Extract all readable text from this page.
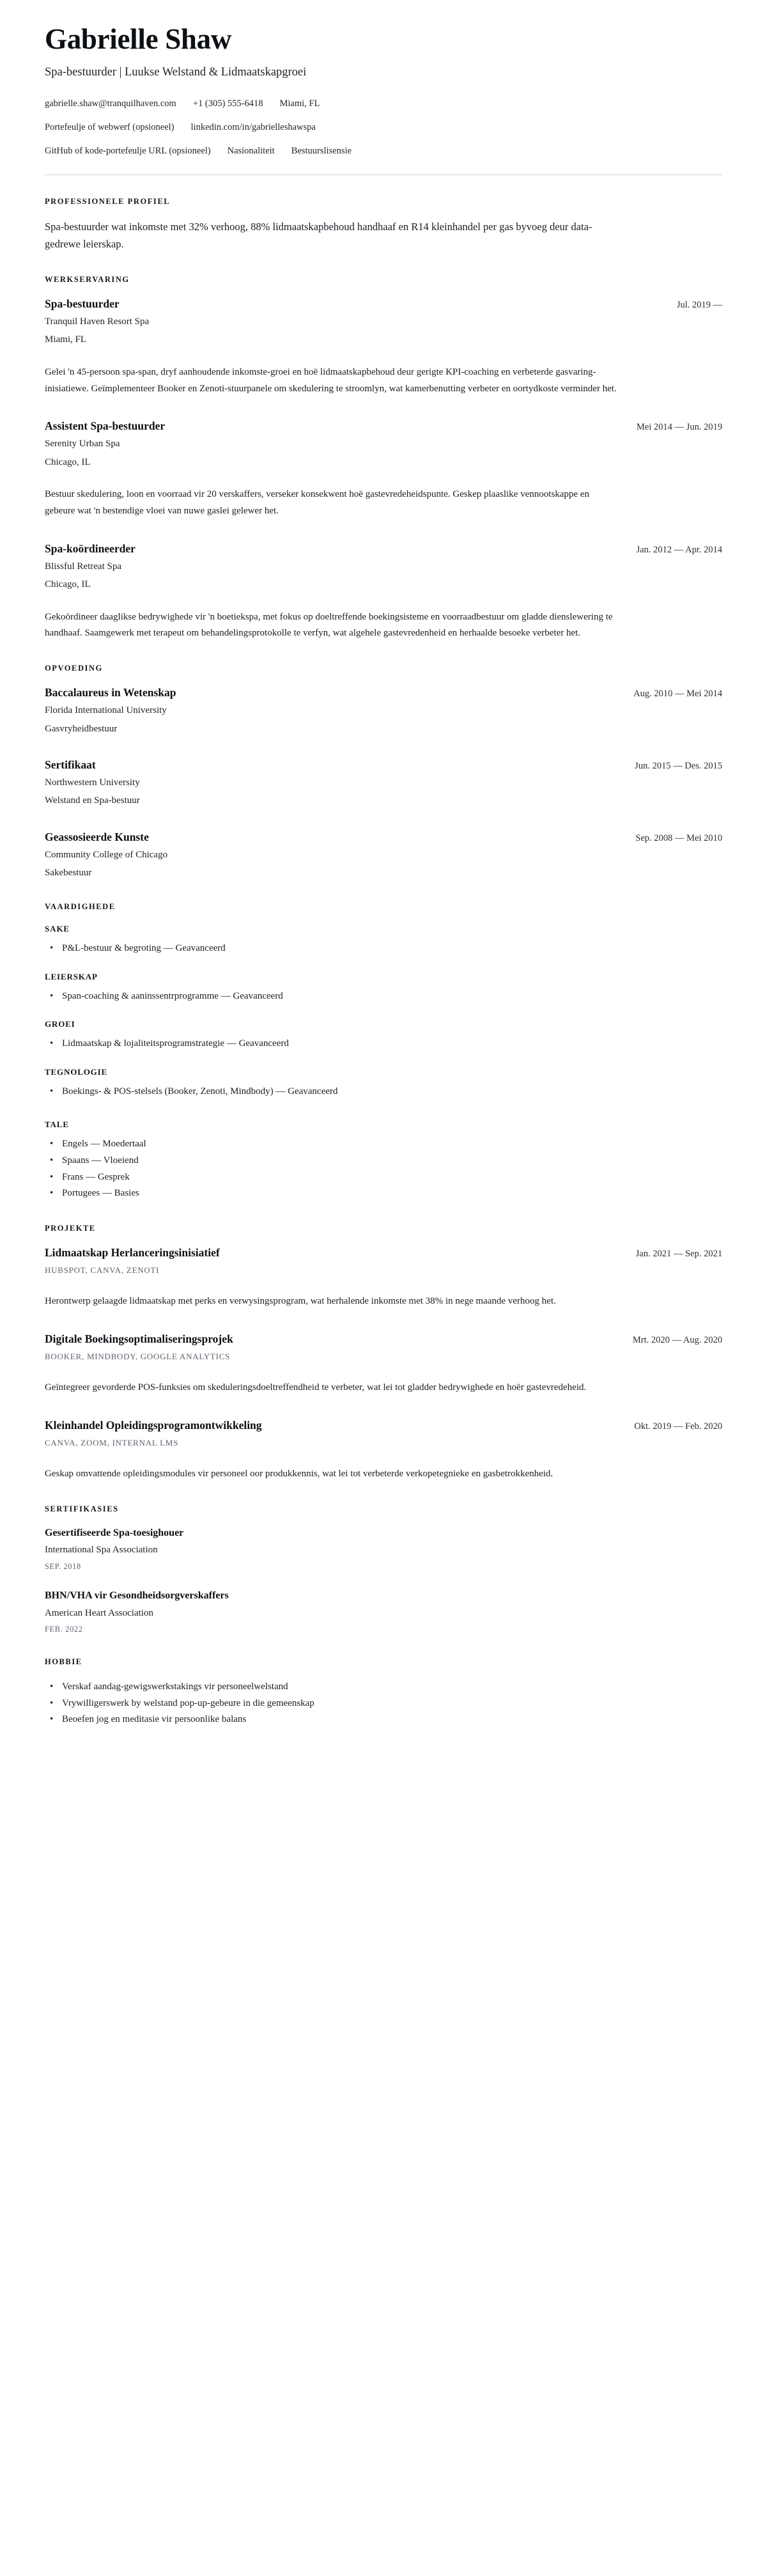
Gabrielle Shaw

Spa-bestuurder | Luukse Welstand & Lidmaatskapgroei

gabrielle.shaw@tranquilhaven.com +1 (305) 555-6418 Miami, FL
Portefeulje of webwerf (opsioneel) linkedin.com/in/gabrielleshawspa
GitHub of kode-portefeulje URL (opsioneel) Nasionaliteit Bestuurslisensie
PROFESSIONELE PROFIEL

Spa-bestuurder wat inkomste met 32% verhoog, 88% lidmaatskapbehoud handhaaf en R14 kleinhandel per gas byvoeg deur data-gedrewe leierskap.

WERKSERVARING
Spa-bestuurder	Jul. 2019 —

Tranquil Haven Resort Spa

Miami, FL

Gelei 'n 45-persoon spa-span, dryf aanhoudende inkomste-groei en hoë lidmaatskapbehoud deur gerigte KPI-coaching en verbeterde gasvaring-inisiatiewe. Geïmplementeer Booker en Zenoti-stuurpanele om skedulering te stroomlyn, wat kamerbenutting verbeter en oortydkoste verminder het.

Assistent Spa-bestuurder	Mei 2014 — Jun. 2019

Serenity Urban Spa

Chicago, IL

Bestuur skedulering, loon en voorraad vir 20 verskaffers, verseker konsekwent hoë gastevredeheidspunte. Geskep plaaslike vennootskappe en gebeure wat 'n bestendige vloei van nuwe gaslei gelewer het.

Spa-koördineerder	Jan. 2012 — Apr. 2014

Blissful Retreat Spa

Chicago, IL

Gekoördineer daaglikse bedrywighede vir 'n boetiekspa, met fokus op doeltreffende boekingsisteme en voorraadbestuur om gladde dienslewering te handhaaf. Saamgewerk met terapeut om behandelingsprotokolle te verfyn, wat algehele gastevredenheid en herhaalde besoeke verbeter het.

OPVOEDING
Baccalaureus in Wetenskap	Aug. 2010 — Mei 2014

Florida International University

Gasvryheidbestuur

Sertifikaat	Jun. 2015 — Des. 2015

Northwestern University

Welstand en Spa-bestuur

Geassosieerde Kunste	Sep. 2008 — Mei 2010

Community College of Chicago

Sakebestuur

VAARDIGHEDE
SAKE
• P&L-bestuur & begroting — Geavanceerd
LEIERSKAP
• Span-coaching & aaninssentrprogramme — Geavanceerd
GROEI
• Lidmaatskap & lojaliteitsprogramstrategie — Geavanceerd
TEGNOLOGIE
• Boekings- & POS-stelsels (Booker, Zenoti, Mindbody) — Geavanceerd
TALE
• Engels — Moedertaal
• Spaans — Vloeiend
• Frans — Gesprek
• Portugees — Basies
PROJEKTE
Lidmaatskap Herlanceringsinisiatief	Jan. 2021 — Sep. 2021

HUBSPOT, CANVA, ZENOTI

Herontwerp gelaagde lidmaatskap met perks en verwysingsprogram, wat herhalende inkomste met 38% in nege maande verhoog het.

Digitale Boekingsoptimaliseringsprojek	Mrt. 2020 — Aug. 2020

BOOKER, MINDBODY, GOOGLE ANALYTICS

Geïntegreer gevorderde POS-funksies om skeduleringsdoeltreffendheid te verbeter, wat lei tot gladder bedrywighede en hoër gastevredeheid.

Kleinhandel Opleidingsprogramontwikkeling	Okt. 2019 — Feb. 2020

CANVA, ZOOM, INTERNAL LMS

Geskap omvattende opleidingsmodules vir personeel oor produkkennis, wat lei tot verbeterde verkopetegnieke en gasbetrokkenheid.

SERTIFIKASIES
Gesertifiseerde Spa-toesighouer

International Spa Association

SEP. 2018

BHN/VHA vir Gesondheidsorgverskaffers

American Heart Association

FEB. 2022

HOBBIE
• Verskaf aandag-gewigswerkstakings vir personeelwelstand
• Vrywilligerswerk by welstand pop-up-gebeure in die gemeenskap
• Beoefen jog en meditasie vir persoonlike balans
